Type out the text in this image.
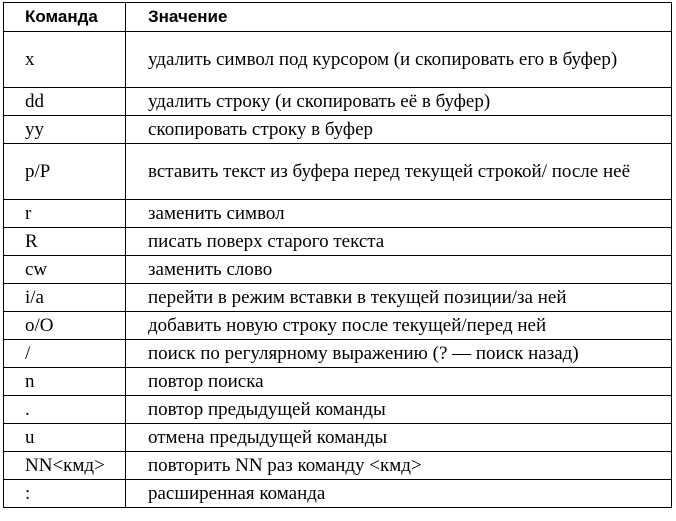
Команда	Значение
x	удалить символ под курсором (и скопировать его в буфер)
dd	удалить строку (и скопировать её в буфер)
yy	скопировать строку в буфер
p/P	вставить текст из буфера перед текущей строкой/ после неё
r	заменить символ
R	писать поверх старого текста
cw	заменить слово
i/a	перейти в режим вставки в текущей позиции/за ней
o/O	добавить новую строку после текущей/перед ней
/	поиск по регулярному выражению (? — поиск назад)
n	повтор поиска
.	повтор предыдущей команды
u	отмена предыдущей команды
NN<кмд>	повторить NN раз команду <кмд>
:	расширенная команда
